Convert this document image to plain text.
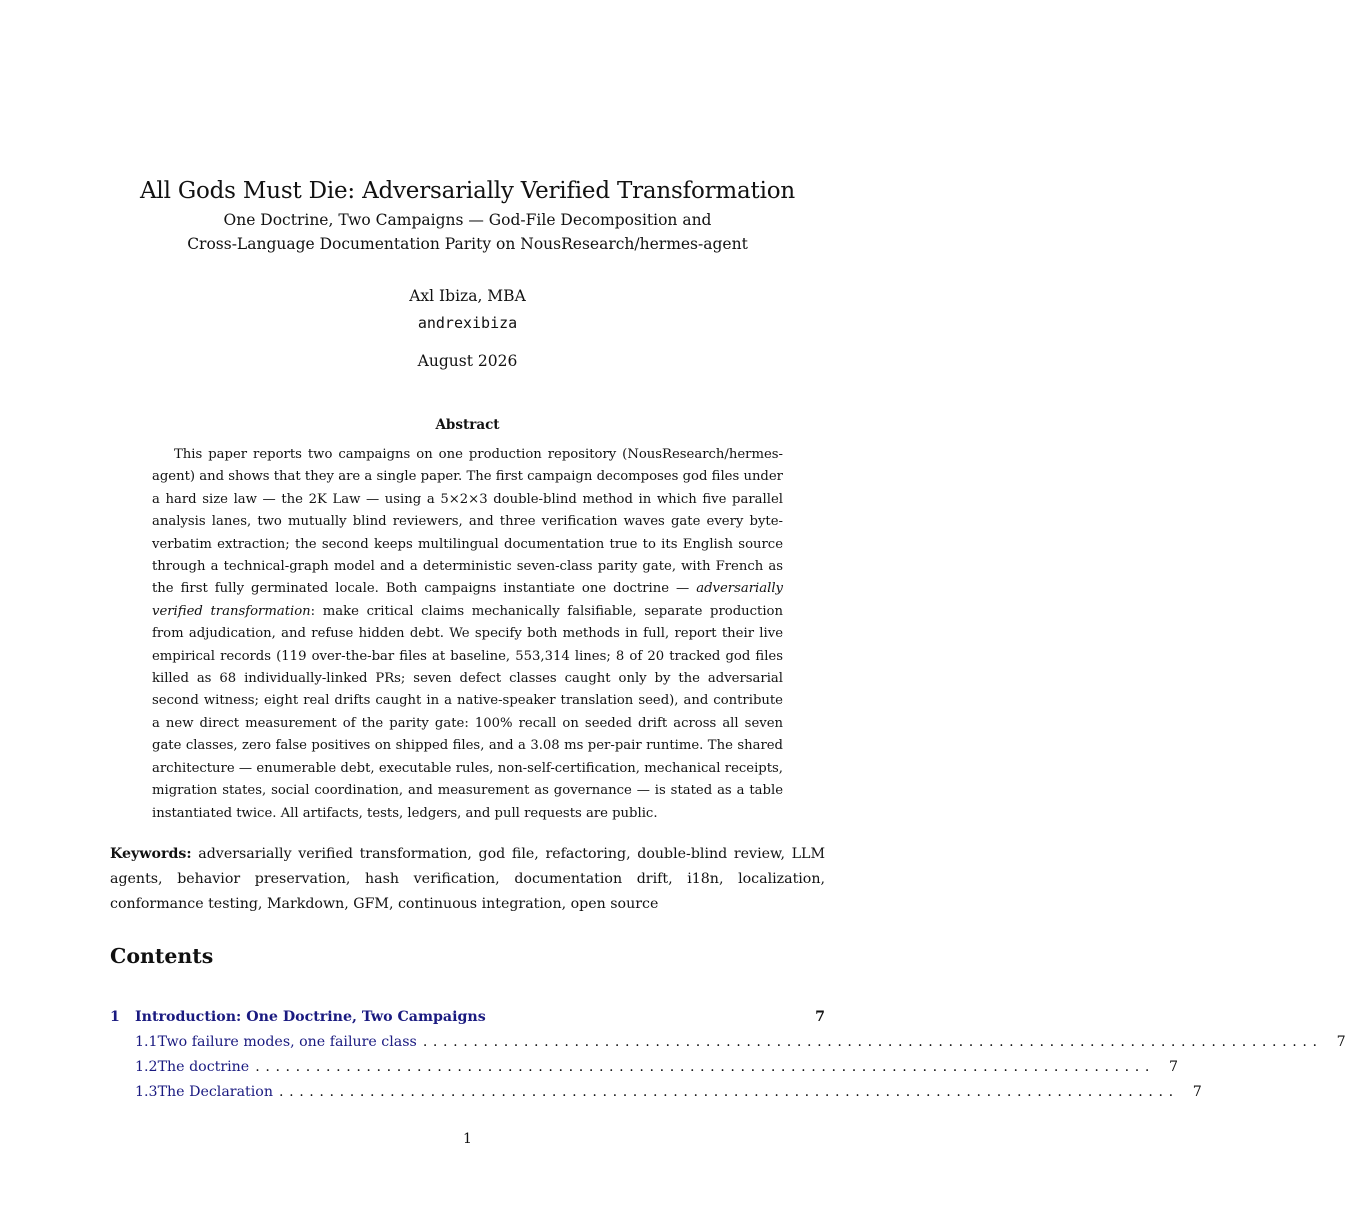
All Gods Must Die: Adversarially Verified Transformation
One Doctrine, Two Campaigns — God-File Decomposition and
Cross-Language Documentation Parity on NousResearch/hermes-agent
Axl Ibiza, MBA
andrexibiza
August 2026
Abstract
This paper reports two campaigns on one production repository (NousResearch/hermes-agent) and shows that they are a single paper. The first campaign decomposes god files under a hard size law — the 2K Law — using a 5×2×3 double-blind method in which five parallel analysis lanes, two mutually blind reviewers, and three verification waves gate every byte-verbatim extraction; the second keeps multilingual documentation true to its English source through a technical-graph model and a deterministic seven-class parity gate, with French as the first fully germinated locale. Both campaigns instantiate one doctrine — adversarially verified transformation: make critical claims mechanically falsifiable, separate production from adjudication, and refuse hidden debt. We specify both methods in full, report their live empirical records (119 over-the-bar files at baseline, 553,314 lines; 8 of 20 tracked god files killed as 68 individually-linked PRs; seven defect classes caught only by the adversarial second witness; eight real drifts caught in a native-speaker translation seed), and contribute a new direct measurement of the parity gate: 100% recall on seeded drift across all seven gate classes, zero false positives on shipped files, and a 3.08 ms per-pair runtime. The shared architecture — enumerable debt, executable rules, non-self-certification, mechanical receipts, migration states, social coordination, and measurement as governance — is stated as a table instantiated twice. All artifacts, tests, ledgers, and pull requests are public.
Keywords: adversarially verified transformation, god file, refactoring, double-blind review, LLM agents, behavior preservation, hash verification, documentation drift, i18n, localization, conformance testing, Markdown, GFM, continuous integration, open source
Contents
1	Introduction: One Doctrine, Two Campaigns	7
1.1 Two failure modes, one failure class ......................................................................................... 7
1.2 The doctrine ......................................................................................... 7
1.3 The Declaration ......................................................................................... 7
1
